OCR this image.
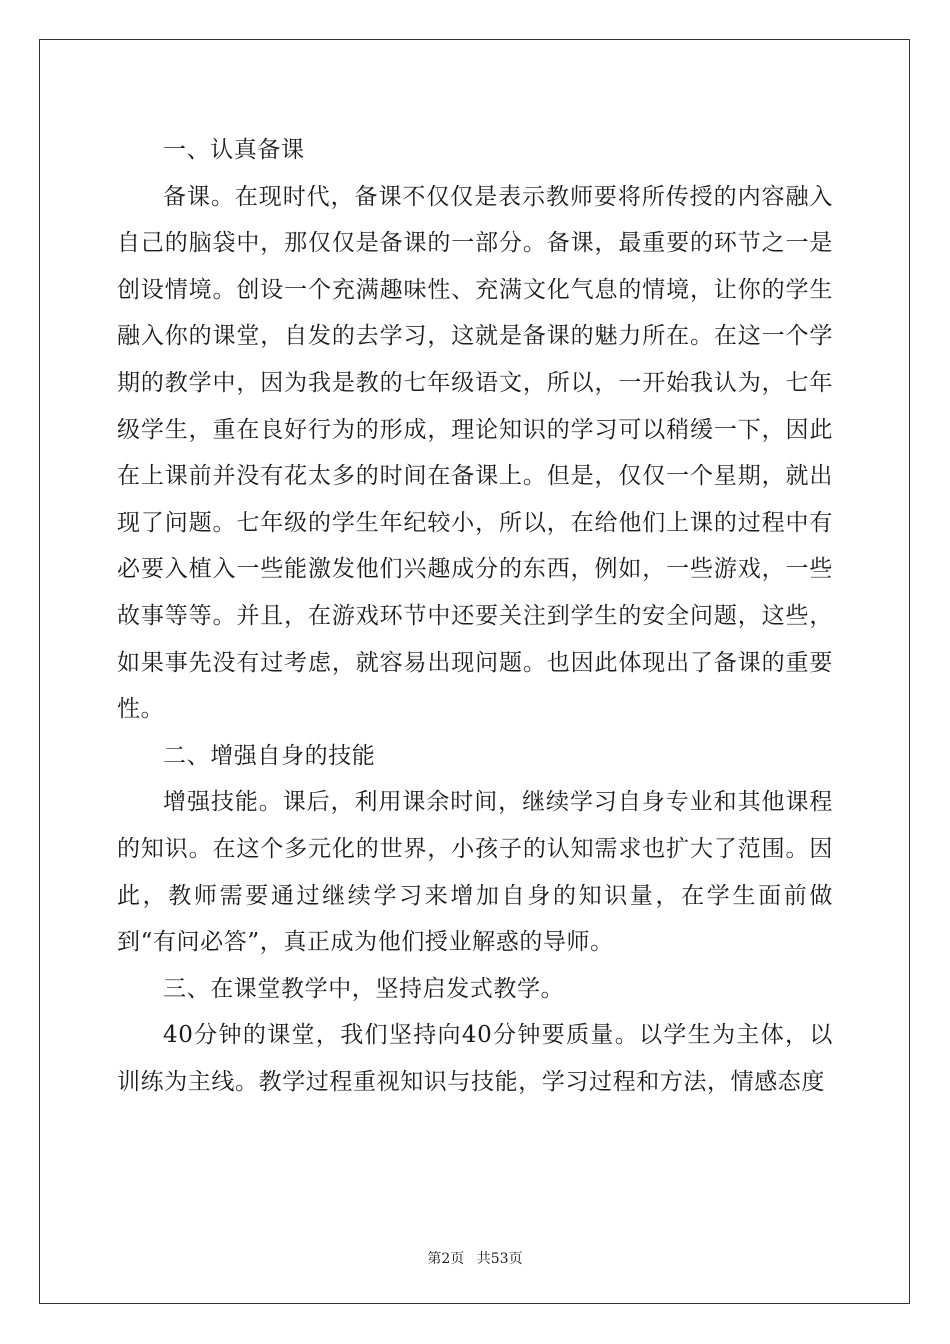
一、认真备课

备课。在现时代，备课不仅仅是表示教师要将所传授的内容融入自己的脑袋中，那仅仅是备课的一部分。备课，最重要的环节之一是创设情境。创设一个充满趣味性、充满文化气息的情境，让你的学生融入你的课堂，自发的去学习，这就是备课的魅力所在。在这一个学期的教学中，因为我是教的七年级语文，所以，一开始我认为，七年级学生，重在良好行为的形成，理论知识的学习可以稍缓一下，因此在上课前并没有花太多的时间在备课上。但是，仅仅一个星期，就出现了问题。七年级的学生年纪较小，所以，在给他们上课的过程中有必要入植入一些能激发他们兴趣成分的东西，例如，一些游戏，一些故事等等。并且，在游戏环节中还要关注到学生的安全问题，这些，如果事先没有过考虑，就容易出现问题。也因此体现出了备课的重要性。

二、增强自身的技能

增强技能。课后，利用课余时间，继续学习自身专业和其他课程的知识。在这个多元化的世界，小孩子的认知需求也扩大了范围。因此，教师需要通过继续学习来增加自身的知识量，在学生面前做到“有问必答”，真正成为他们授业解惑的导师。

三、在课堂教学中，坚持启发式教学。

40分钟的课堂，我们坚持向40分钟要质量。以学生为主体，以训练为主线。教学过程重视知识与技能，学习过程和方法，情感态度

第2页 共53页
